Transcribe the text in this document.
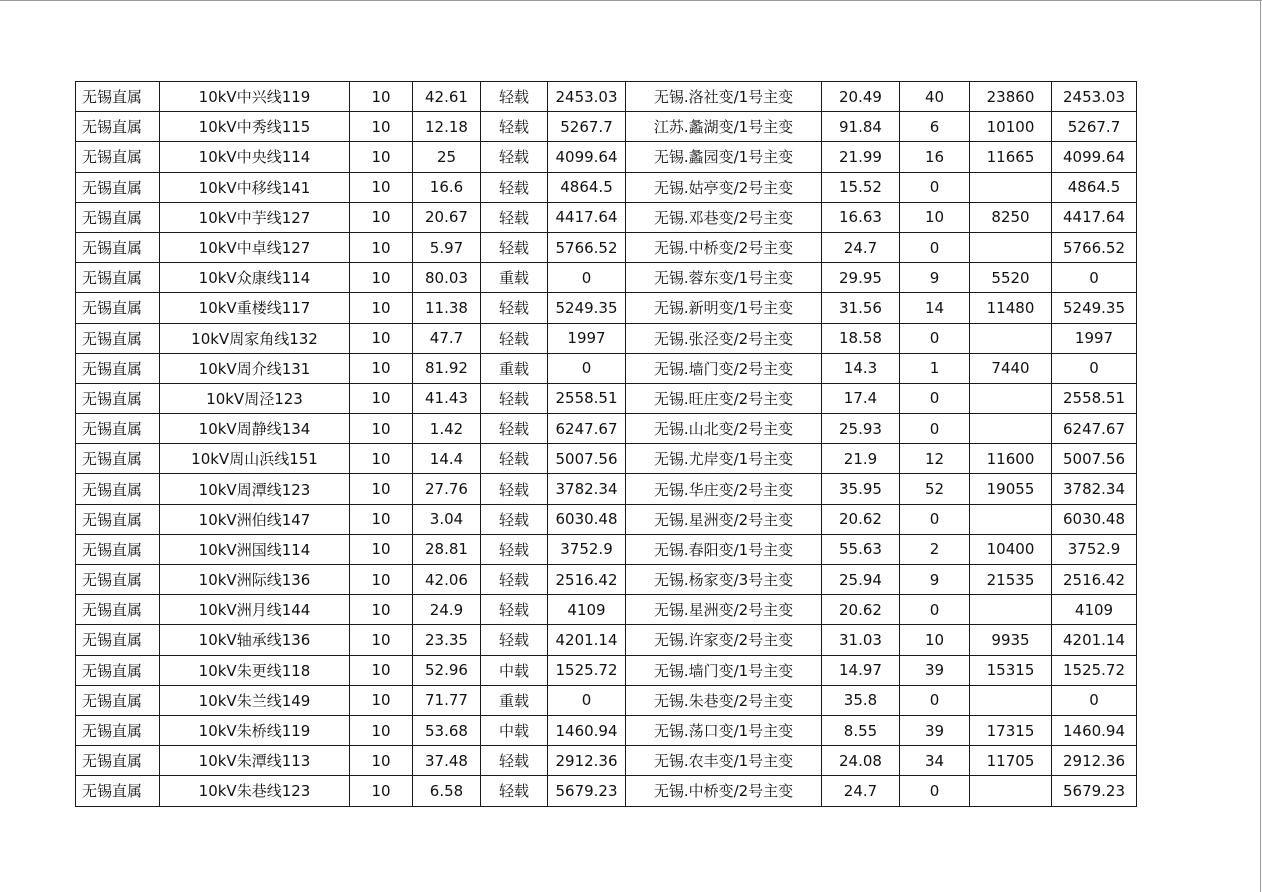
无锡直属	10kV中兴线119	10	42.61	轻载	2453.03	无锡.洛社变/1号主变	20.49	40	23860	2453.03
无锡直属	10kV中秀线115	10	12.18	轻载	5267.7	江苏.蠡湖变/1号主变	91.84	6	10100	5267.7
无锡直属	10kV中央线114	10	25	轻载	4099.64	无锡.蠡园变/1号主变	21.99	16	11665	4099.64
无锡直属	10kV中移线141	10	16.6	轻载	4864.5	无锡.姑亭变/2号主变	15.52	0		4864.5
无锡直属	10kV中芋线127	10	20.67	轻载	4417.64	无锡.邓巷变/2号主变	16.63	10	8250	4417.64
无锡直属	10kV中卓线127	10	5.97	轻载	5766.52	无锡.中桥变/2号主变	24.7	0		5766.52
无锡直属	10kV众康线114	10	80.03	重载	0	无锡.蓉东变/1号主变	29.95	9	5520	0
无锡直属	10kV重楼线117	10	11.38	轻载	5249.35	无锡.新明变/1号主变	31.56	14	11480	5249.35
无锡直属	10kV周家角线132	10	47.7	轻载	1997	无锡.张泾变/2号主变	18.58	0		1997
无锡直属	10kV周介线131	10	81.92	重载	0	无锡.墙门变/2号主变	14.3	1	7440	0
无锡直属	10kV周泾123	10	41.43	轻载	2558.51	无锡.旺庄变/2号主变	17.4	0		2558.51
无锡直属	10kV周静线134	10	1.42	轻载	6247.67	无锡.山北变/2号主变	25.93	0		6247.67
无锡直属	10kV周山浜线151	10	14.4	轻载	5007.56	无锡.尤岸变/1号主变	21.9	12	11600	5007.56
无锡直属	10kV周潭线123	10	27.76	轻载	3782.34	无锡.华庄变/2号主变	35.95	52	19055	3782.34
无锡直属	10kV洲伯线147	10	3.04	轻载	6030.48	无锡.星洲变/2号主变	20.62	0		6030.48
无锡直属	10kV洲国线114	10	28.81	轻载	3752.9	无锡.春阳变/1号主变	55.63	2	10400	3752.9
无锡直属	10kV洲际线136	10	42.06	轻载	2516.42	无锡.杨家变/3号主变	25.94	9	21535	2516.42
无锡直属	10kV洲月线144	10	24.9	轻载	4109	无锡.星洲变/2号主变	20.62	0		4109
无锡直属	10kV轴承线136	10	23.35	轻载	4201.14	无锡.许家变/2号主变	31.03	10	9935	4201.14
无锡直属	10kV朱更线118	10	52.96	中载	1525.72	无锡.墙门变/1号主变	14.97	39	15315	1525.72
无锡直属	10kV朱兰线149	10	71.77	重载	0	无锡.朱巷变/2号主变	35.8	0		0
无锡直属	10kV朱桥线119	10	53.68	中载	1460.94	无锡.荡口变/1号主变	8.55	39	17315	1460.94
无锡直属	10kV朱潭线113	10	37.48	轻载	2912.36	无锡.农丰变/1号主变	24.08	34	11705	2912.36
无锡直属	10kV朱巷线123	10	6.58	轻载	5679.23	无锡.中桥变/2号主变	24.7	0		5679.23
